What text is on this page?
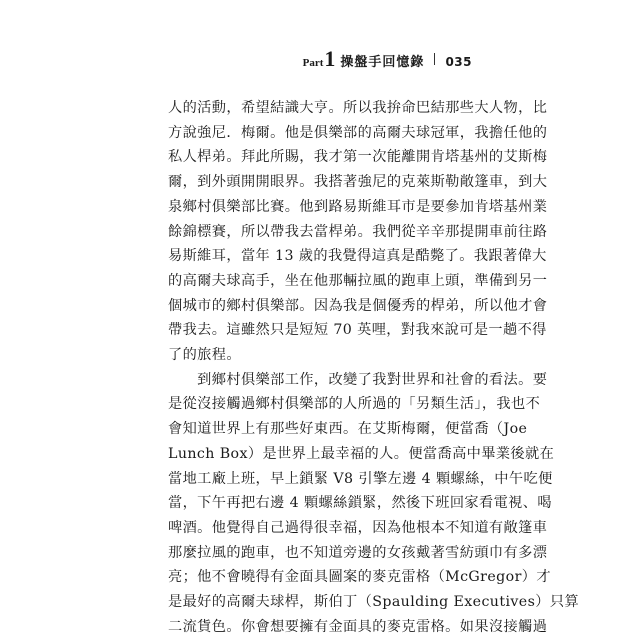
Part 1 操盤手回憶錄 035

人的活動，希望結識大亨。所以我拚命巴結那些大人物，比
方說強尼．梅爾。他是俱樂部的高爾夫球冠軍，我擔任他的
私人桿弟。拜此所賜，我才第一次能離開肯塔基州的艾斯梅
爾，到外頭開開眼界。我搭著強尼的克萊斯勒敞篷車，到大
泉鄉村俱樂部比賽。他到路易斯維耳市是要參加肯塔基州業
餘錦標賽，所以帶我去當桿弟。我們從辛辛那提開車前往路
易斯維耳，當年 13 歲的我覺得這真是酷斃了。我跟著偉大
的高爾夫球高手，坐在他那輛拉風的跑車上頭，準備到另一
個城市的鄉村俱樂部。因為我是個優秀的桿弟，所以他才會
帶我去。這雖然只是短短 70 英哩，對我來說可是一趟不得
了的旅程。

　　到鄉村俱樂部工作，改變了我對世界和社會的看法。要
是從沒接觸過鄉村俱樂部的人所過的「另類生活」，我也不
會知道世界上有那些好東西。在艾斯梅爾，便當喬（Joe
Lunch Box）是世界上最幸福的人。便當喬高中畢業後就在
當地工廠上班，早上鎖緊 V8 引擎左邊 4 顆螺絲，中午吃便
當，下午再把右邊 4 顆螺絲鎖緊，然後下班回家看電視、喝
啤酒。他覺得自己過得很幸福，因為他根本不知道有敞篷車
那麼拉風的跑車，也不知道旁邊的女孩戴著雪紡頭巾有多漂
亮；他不會曉得有金面具圖案的麥克雷格（McGregor）才
是最好的高爾夫球桿，斯伯丁（Spaulding Executives）只算
二流貨色。你會想要擁有金面具的麥克雷格。如果沒接觸過
